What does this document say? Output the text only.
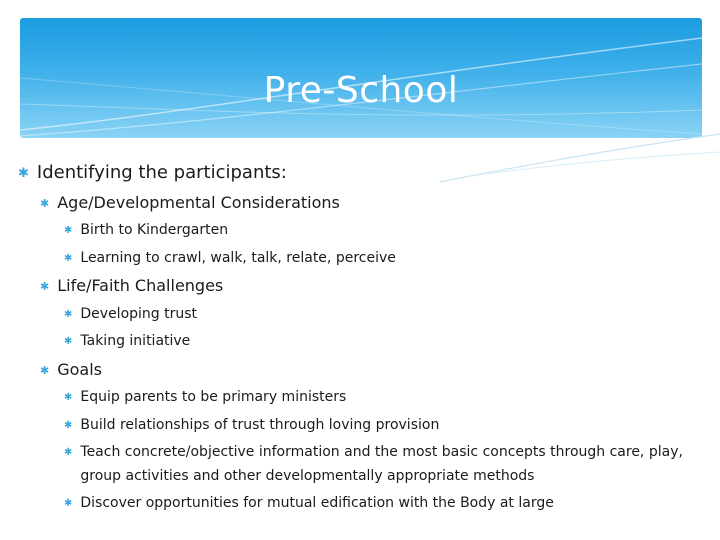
Pre-School
✱ Identifying the participants:
✱ Age/Developmental Considerations
✱ Birth to Kindergarten
✱ Learning to crawl, walk, talk, relate, perceive
✱ Life/Faith Challenges
✱ Developing trust
✱ Taking initiative
✱ Goals
✱ Equip parents to be primary ministers
✱ Build relationships of trust through loving provision
✱ Teach concrete/objective information and the most basic concepts through care, play, group activities and other developmentally appropriate methods
✱ Discover opportunities for mutual edification with the Body at large
